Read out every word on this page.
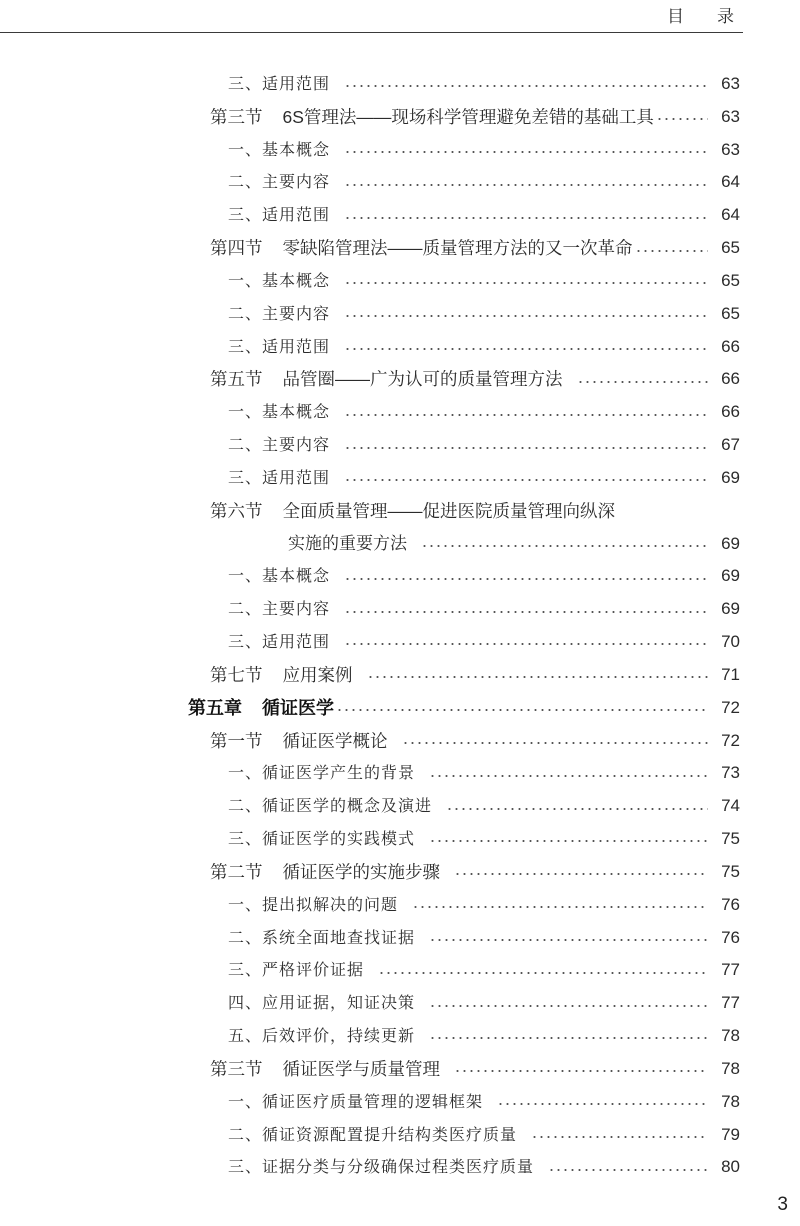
目　录
三、适用范围	63
第三节 6S管理法——现场科学管理避免差错的基础工具	63
一、基本概念	63
二、主要内容	64
三、适用范围	64
第四节 零缺陷管理法——质量管理方法的又一次革命	65
一、基本概念	65
二、主要内容	65
三、适用范围	66
第五节 品管圈——广为认可的质量管理方法	66
一、基本概念	66
二、主要内容	67
三、适用范围	69
第六节 全面质量管理——促进医院质量管理向纵深
实施的重要方法	69
一、基本概念	69
二、主要内容	69
三、适用范围	70
第七节 应用案例	71
第五章 循证医学	72
第一节 循证医学概论	72
一、循证医学产生的背景	73
二、循证医学的概念及演进	74
三、循证医学的实践模式	75
第二节 循证医学的实施步骤	75
一、提出拟解决的问题	76
二、系统全面地查找证据	76
三、严格评价证据	77
四、应用证据，知证决策	77
五、后效评价，持续更新	78
第三节 循证医学与质量管理	78
一、循证医疗质量管理的逻辑框架	78
二、循证资源配置提升结构类医疗质量	79
三、证据分类与分级确保过程类医疗质量	80
3
